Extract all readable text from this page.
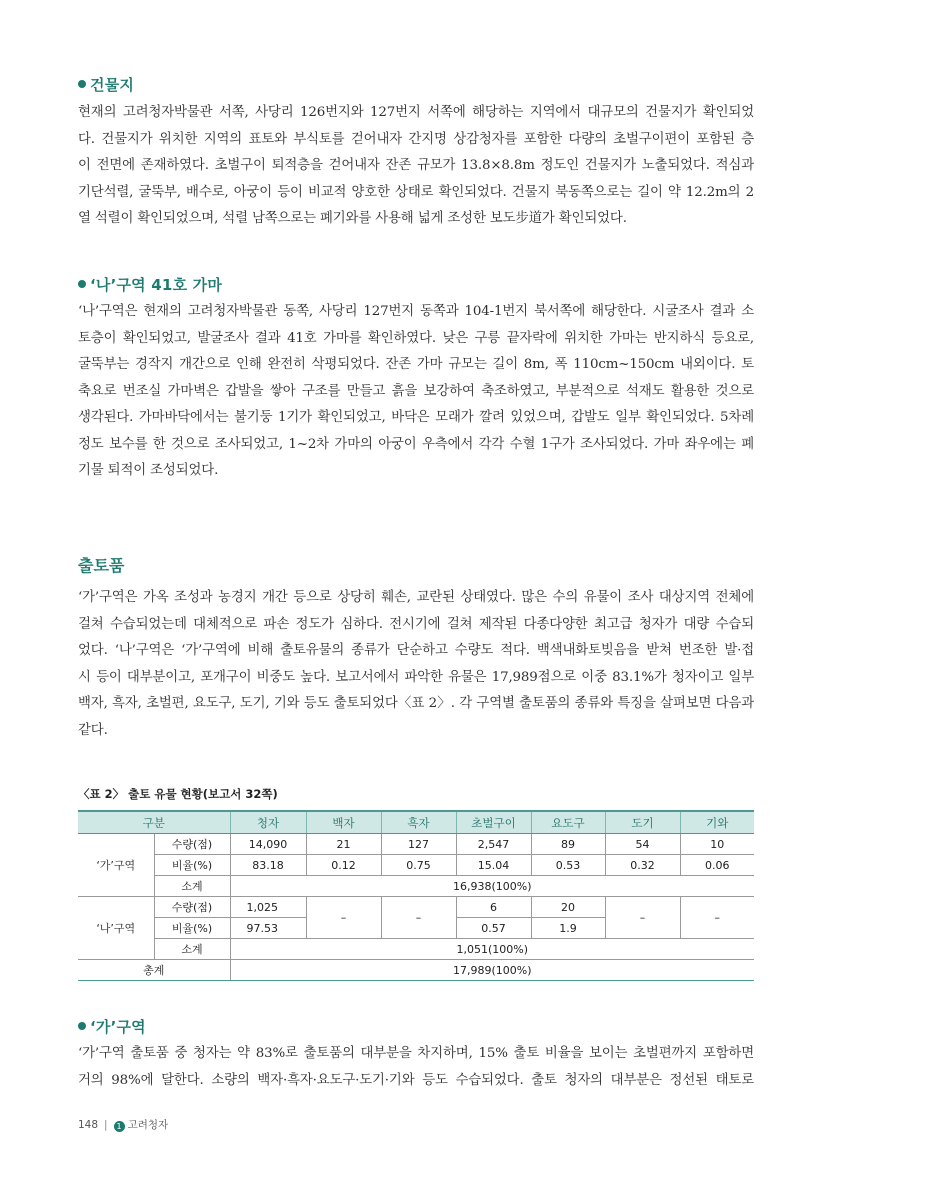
건물지
현재의 고려청자박물관 서쪽, 사당리 126번지와 127번지 서쪽에 해당하는 지역에서 대규모의 건물지가 확인되었
다. 건물지가 위치한 지역의 표토와 부식토를 걷어내자 간지명 상감청자를 포함한 다량의 초벌구이편이 포함된 층
이 전면에 존재하였다. 초벌구이 퇴적층을 걷어내자 잔존 규모가 13.8×8.8m 정도인 건물지가 노출되었다. 적심과
기단석렬, 굴뚝부, 배수로, 아궁이 등이 비교적 양호한 상태로 확인되었다. 건물지 북동쪽으로는 길이 약 12.2m의 2
열 석렬이 확인되었으며, 석렬 남쪽으로는 폐기와를 사용해 넓게 조성한 보도步道가 확인되었다.
‘나’구역 41호 가마
‘나’구역은 현재의 고려청자박물관 동쪽, 사당리 127번지 동쪽과 104-1번지 북서쪽에 해당한다. 시굴조사 결과 소
토층이 확인되었고, 발굴조사 결과 41호 가마를 확인하였다. 낮은 구릉 끝자락에 위치한 가마는 반지하식 등요로,
굴뚝부는 경작지 개간으로 인해 완전히 삭평되었다. 잔존 가마 규모는 길이 8m, 폭 110cm~150cm 내외이다. 토
축요로 번조실 가마벽은 갑발을 쌓아 구조를 만들고 흙을 보강하여 축조하였고, 부분적으로 석재도 활용한 것으로
생각된다. 가마바닥에서는 불기둥 1기가 확인되었고, 바닥은 모래가 깔려 있었으며, 갑발도 일부 확인되었다. 5차례
정도 보수를 한 것으로 조사되었고, 1~2차 가마의 아궁이 우측에서 각각 수혈 1구가 조사되었다. 가마 좌우에는 폐
기물 퇴적이 조성되었다.
출토품
‘가’구역은 가옥 조성과 농경지 개간 등으로 상당히 훼손, 교란된 상태였다. 많은 수의 유물이 조사 대상지역 전체에
걸쳐 수습되었는데 대체적으로 파손 정도가 심하다. 전시기에 걸쳐 제작된 다종다양한 최고급 청자가 대량 수습되
었다. ‘나’구역은 ‘가’구역에 비해 출토유물의 종류가 단순하고 수량도 적다. 백색내화토빚음을 받쳐 번조한 발·접
시 등이 대부분이고, 포개구이 비중도 높다. 보고서에서 파악한 유물은 17,989점으로 이중 83.1%가 청자이고 일부
백자, 흑자, 초벌편, 요도구, 도기, 기와 등도 출토되었다〈표 2〉. 각 구역별 출토품의 종류와 특징을 살펴보면 다음과
같다.
〈표 2〉 출토 유물 현황(보고서 32쪽)
구분		청자	백자	흑자	초벌구이	요도구	도기	기와
‘가’구역	수량(점)	14,090	21	127	2,547	89	54	10
	비율(%)	83.18	0.12	0.75	15.04	0.53	0.32	0.06
	소계	16,938(100%)						
‘나’구역	수량(점)	1,025	–	–	6	20	–	–
	비율(%)	97.53			0.57	1.9		
	소계	1,051(100%)						
총계		17,989(100%)						
‘가’구역
‘가’구역 출토품 중 청자는 약 83%로 출토품의 대부분을 차지하며, 15% 출토 비율을 보이는 초벌편까지 포함하면
거의 98%에 달한다. 소량의 백자·흑자·요도구·도기·기와 등도 수습되었다. 출토 청자의 대부분은 정선된 태토로
148 | 1 고려청자
